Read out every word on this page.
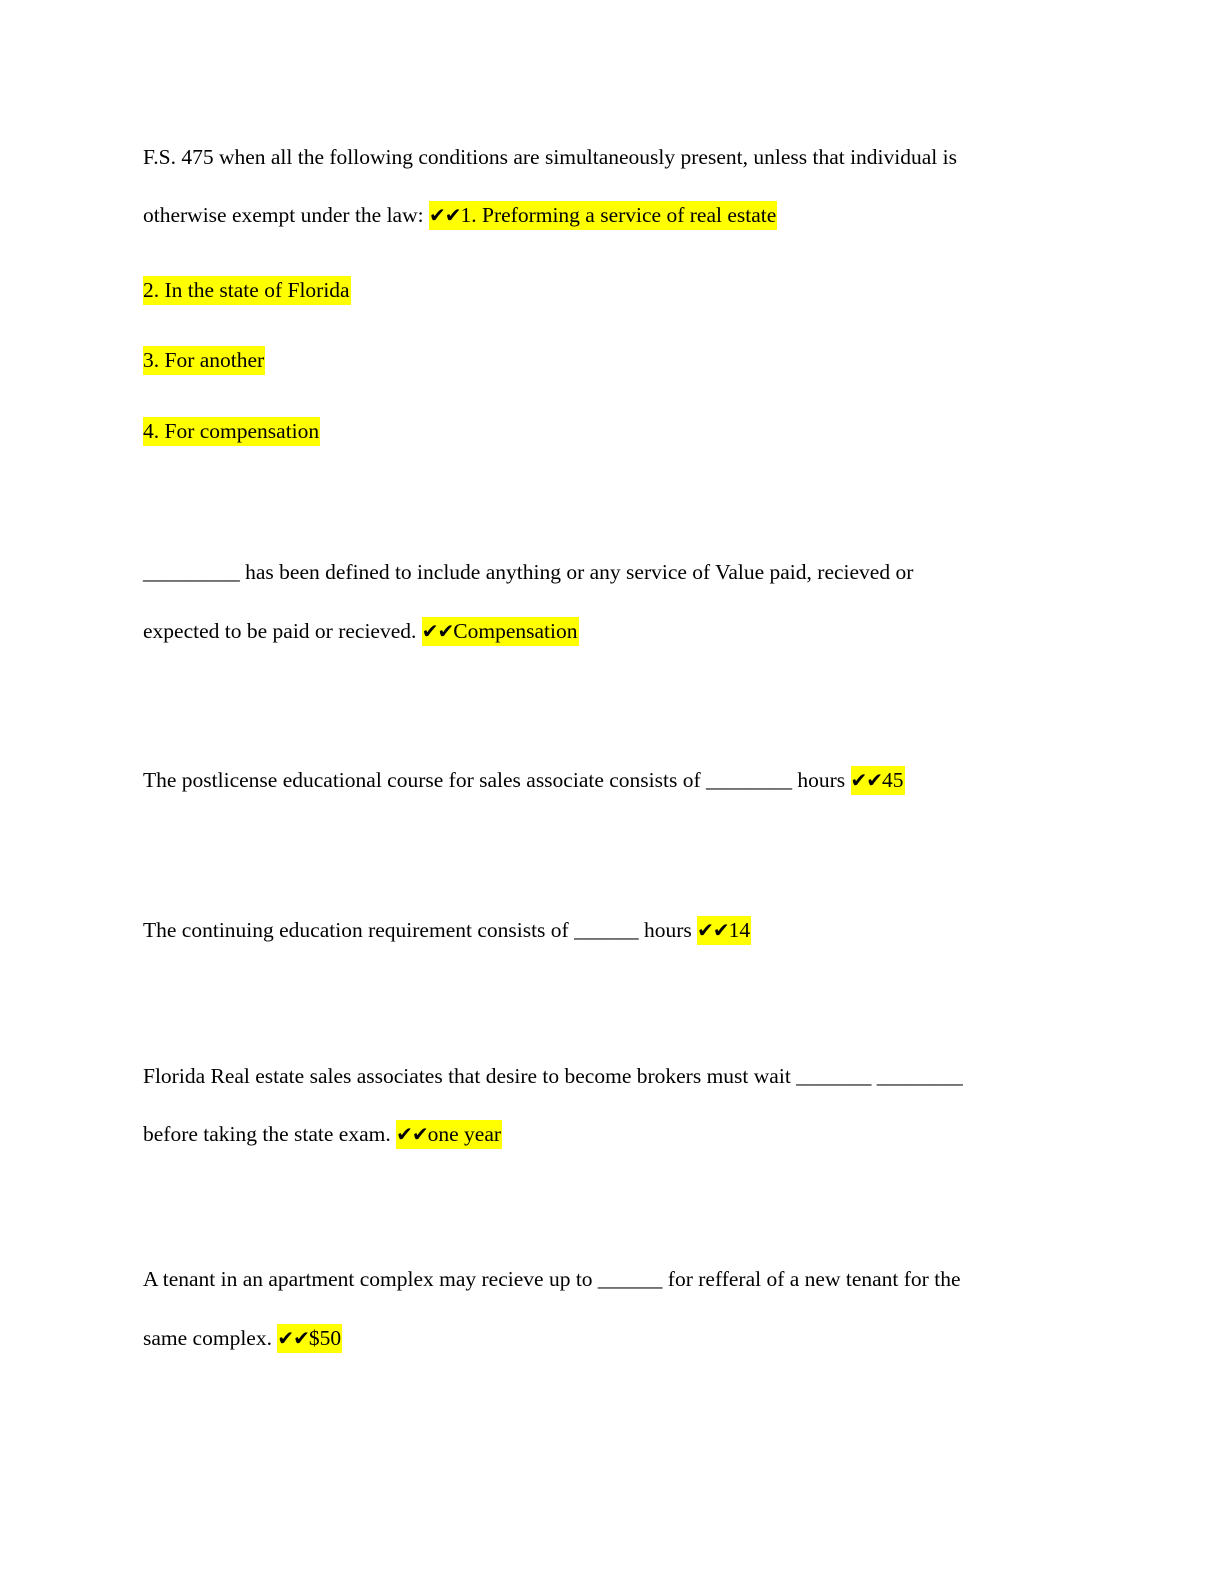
F.S. 475 when all the following conditions are simultaneously present, unless that individual is
otherwise exempt under the law: ✔✔1. Preforming a service of real estate
2. In the state of Florida
3. For another
4. For compensation
_________ has been defined to include anything or any service of Value paid, recieved or
expected to be paid or recieved. ✔✔Compensation
The postlicense educational course for sales associate consists of ________ hours ✔✔45
The continuing education requirement consists of ______ hours ✔✔14
Florida Real estate sales associates that desire to become brokers must wait _______ ________
before taking the state exam. ✔✔one year
A tenant in an apartment complex may recieve up to ______ for refferal of a new tenant for the
same complex. ✔✔$50
